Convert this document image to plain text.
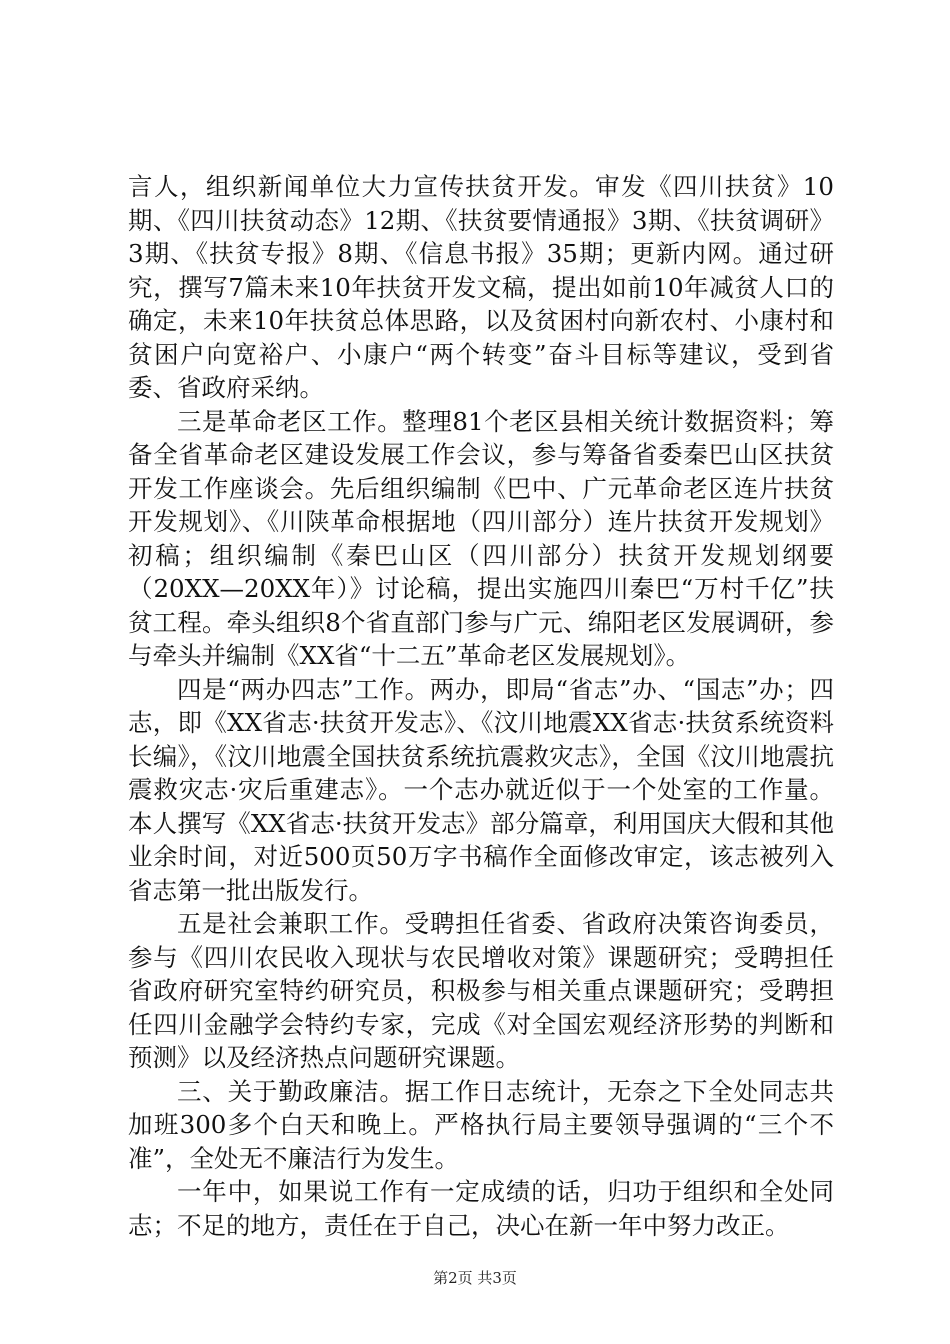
言人，组织新闻单位大力宣传扶贫开发。审发《四川扶贫》10期、《四川扶贫动态》12期、《扶贫要情通报》3期、《扶贫调研》3期、《扶贫专报》8期、《信息书报》35期；更新内网。通过研究，撰写7篇未来10年扶贫开发文稿，提出如前10年减贫人口的确定，未来10年扶贫总体思路，以及贫困村向新农村、小康村和贫困户向宽裕户、小康户“两个转变”奋斗目标等建议，受到省委、省政府采纳。

三是革命老区工作。整理81个老区县相关统计数据资料；筹备全省革命老区建设发展工作会议，参与筹备省委秦巴山区扶贫开发工作座谈会。先后组织编制《巴中、广元革命老区连片扶贫开发规划》、《川陕革命根据地（四川部分）连片扶贫开发规划》初稿；组织编制《秦巴山区（四川部分）扶贫开发规划纲要（20XX—20XX年）》讨论稿，提出实施四川秦巴“万村千亿”扶贫工程。牵头组织8个省直部门参与广元、绵阳老区发展调研，参与牵头并编制《XX省“十二五”革命老区发展规划》。

四是“两办四志”工作。两办，即局“省志”办、“国志”办；四志，即《XX省志·扶贫开发志》、《汶川地震XX省志·扶贫系统资料长编》，《汶川地震全国扶贫系统抗震救灾志》，全国《汶川地震抗震救灾志·灾后重建志》。一个志办就近似于一个处室的工作量。本人撰写《XX省志·扶贫开发志》部分篇章，利用国庆大假和其他业余时间，对近500页50万字书稿作全面修改审定，该志被列入省志第一批出版发行。

五是社会兼职工作。受聘担任省委、省政府决策咨询委员，参与《四川农民收入现状与农民增收对策》课题研究；受聘担任省政府研究室特约研究员，积极参与相关重点课题研究；受聘担任四川金融学会特约专家，完成《对全国宏观经济形势的判断和预测》以及经济热点问题研究课题。

三、关于勤政廉洁。据工作日志统计，无奈之下全处同志共加班300多个白天和晚上。严格执行局主要领导强调的“三个不准”，全处无不廉洁行为发生。

一年中，如果说工作有一定成绩的话，归功于组织和全处同志；不足的地方，责任在于自己，决心在新一年中努力改正。

第2页 共3页
